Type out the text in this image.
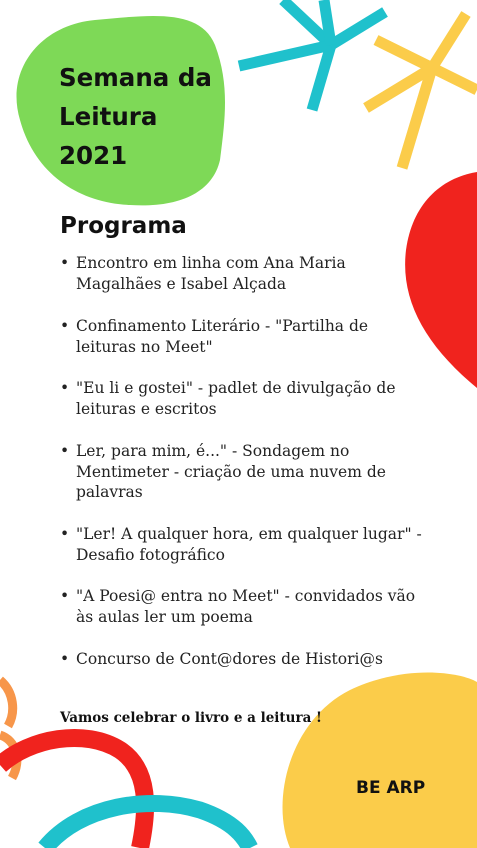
Semana da
Leitura
2021
Programa
• Encontro em linha com Ana Maria Magalhães e Isabel Alçada
• Confinamento Literário - "Partilha de leituras no Meet"
• "Eu li e gostei" - padlet de divulgação de leituras e escritos
• Ler, para mim, é..." - Sondagem no Mentimeter - criação de uma nuvem de palavras
• "Ler! A qualquer hora, em qualquer lugar" - Desafio fotográfico
• "A Poesi@ entra no Meet" - convidados vão às aulas ler um poema
• Concurso de Cont@dores de Histori@s

Vamos celebrar o livro e a leitura !

BE ARP
